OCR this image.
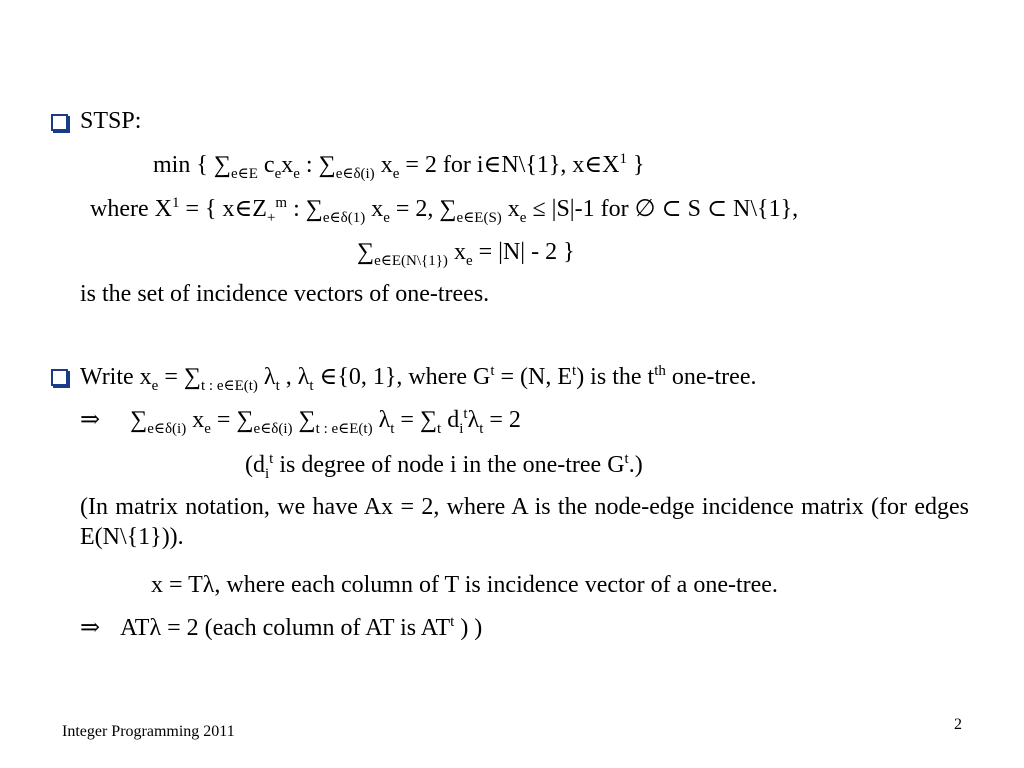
STSP:
min { $\sum_{e\in E}$ $c_ex_e$ : $\sum_{e\in\delta(i)}$ $x_e = 2$ for i∈N\{1}, $x\in X^1$ }
where $X^1$ = { $x\in Z_+^m$ : $\sum_{e\in\delta(1)}$ $x_e = 2$, $\sum_{e\in E(S)}$ $x_e \le |S|-1$ for ∅ ⊂ S ⊂ N\{1},
$\sum_{e\in E(N\backslash\{1\})}$ $x_e = |N| - 2$ }
is the set of incidence vectors of one-trees.
Write $x_e = \sum_{t : e\in E(t)}$ $\lambda_t$ , $\lambda_t$ ∈{0, 1}, where $G^t = (N$, $E^t$) is the $t^{th}$ one-tree.
⇒ $\sum_{e\in\delta(i)}$ $x_e = \sum_{e\in\delta(i)}$ $\sum_{t : e\in E(t)}$ $\lambda_t = \sum_t$ $d_i^t\lambda_t = 2$
($d_i^t$ is degree of node i in the one-tree $G^t$.)
(In matrix notation, we have Ax = 2, where A is the node-edge incidence matrix (for edges E(N\{1})).
x = Tλ, where each column of T is incidence vector of a one-tree.
⇒ ATλ = 2 (each column of AT is $AT^t$ ) )
Integer Programming 2011	2
